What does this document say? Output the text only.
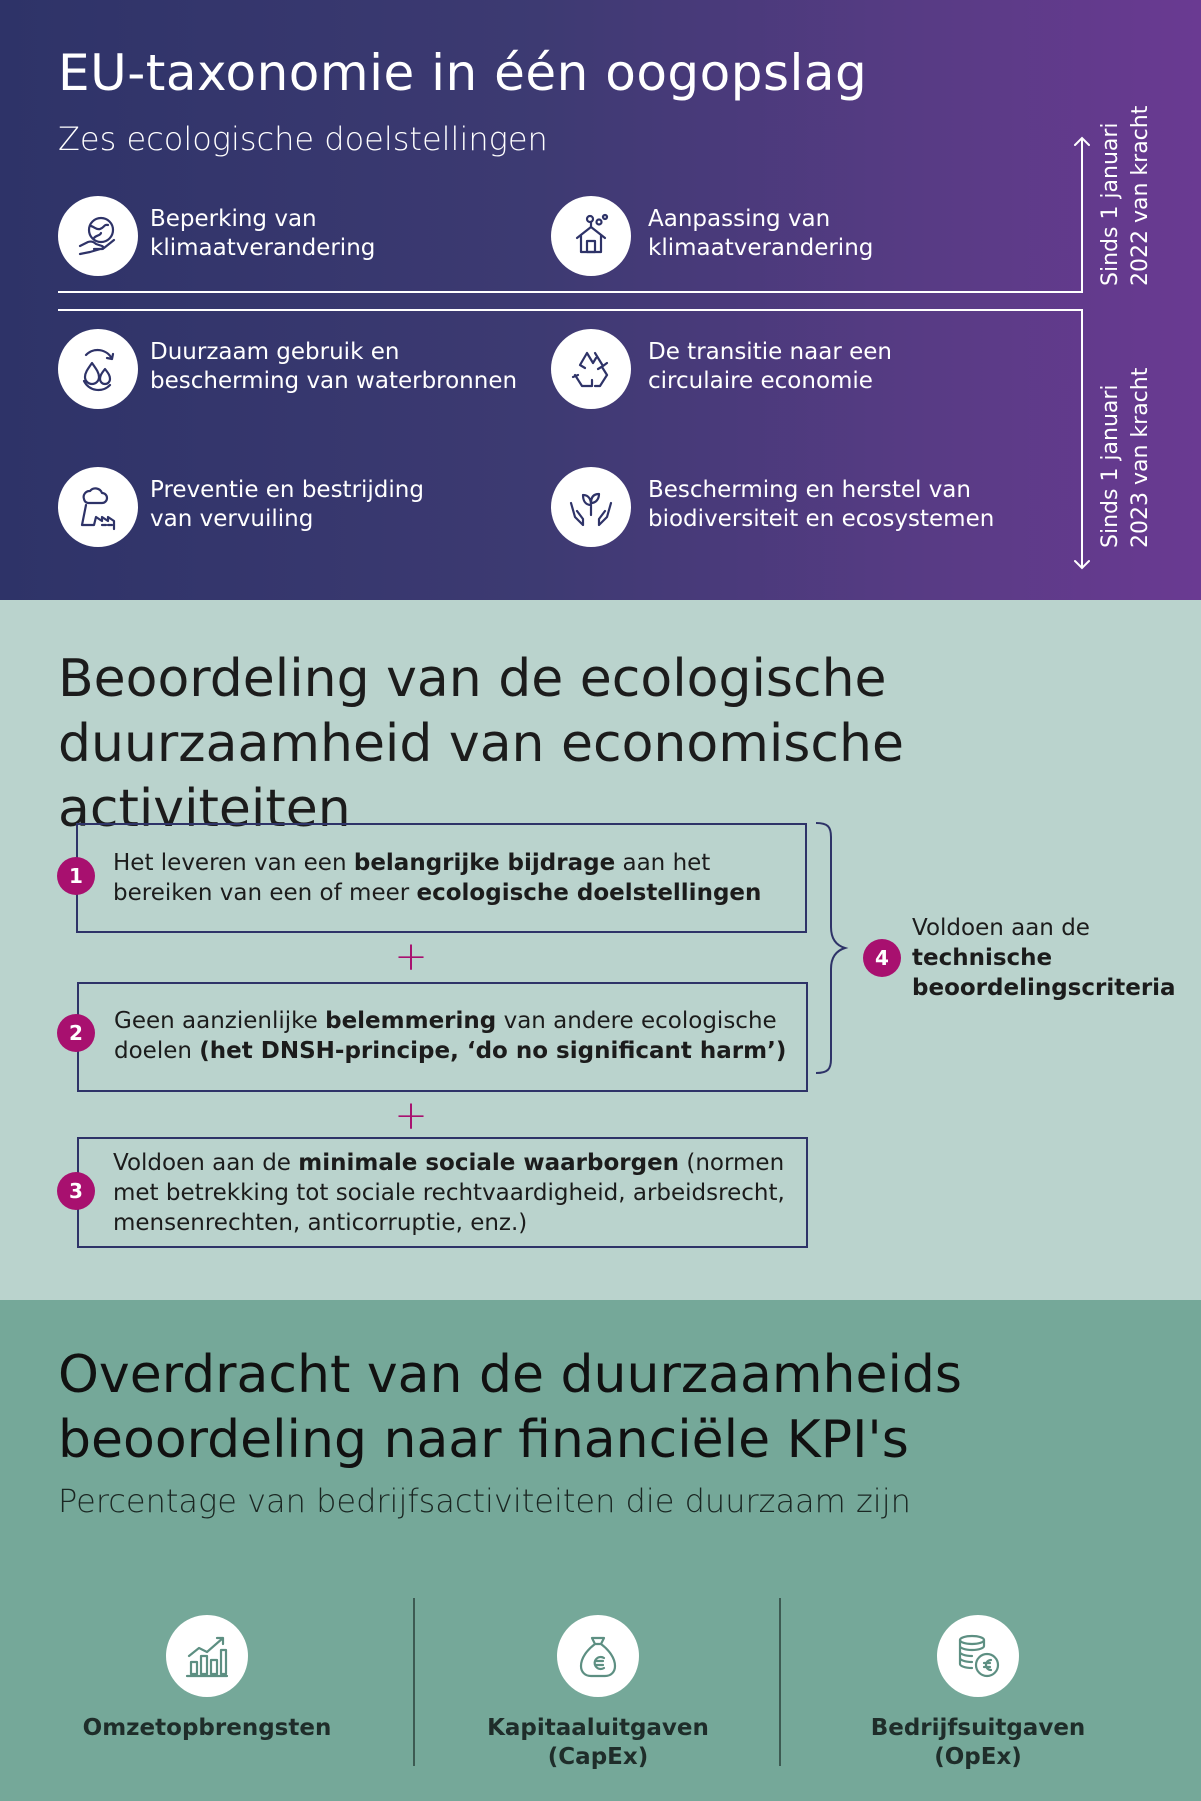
EU-taxonomie in één oogopslag
Zes ecologische doelstellingen
Beperking van
klimaatverandering
Aanpassing van
klimaatverandering
Duurzaam gebruik en
bescherming van waterbronnen
De transitie naar een
circulaire economie
Preventie en bestrijding
van vervuiling
Bescherming en herstel van
biodiversiteit en ecosystemen
Sinds 1 januari
2022 van kracht
Sinds 1 januari
2023 van kracht
Beoordeling van de ecologische
duurzaamheid van economische activiteiten
1	Het leveren van een belangrijke bijdrage aan het
bereiken van een of meer ecologische doelstellingen
+
2	Geen aanzienlijke belemmering van andere ecologische
doelen (het DNSH-principe, ‘do no significant harm’)
+
3
Voldoen aan de minimale sociale waarborgen (normen
met betrekking tot sociale rechtvaardigheid, arbeidsrecht,
mensenrechten, anticorruptie, enz.)
4
Voldoen aan de
technische
beoordelingscriteria
Overdracht van de duurzaamheids
beoordeling naar financiële KPI's
Percentage van bedrijfsactiviteiten die duurzaam zijn
Omzetopbrengsten	Kapitaaluitgaven
(CapEx)
Bedrijfsuitgaven
(OpEx)
